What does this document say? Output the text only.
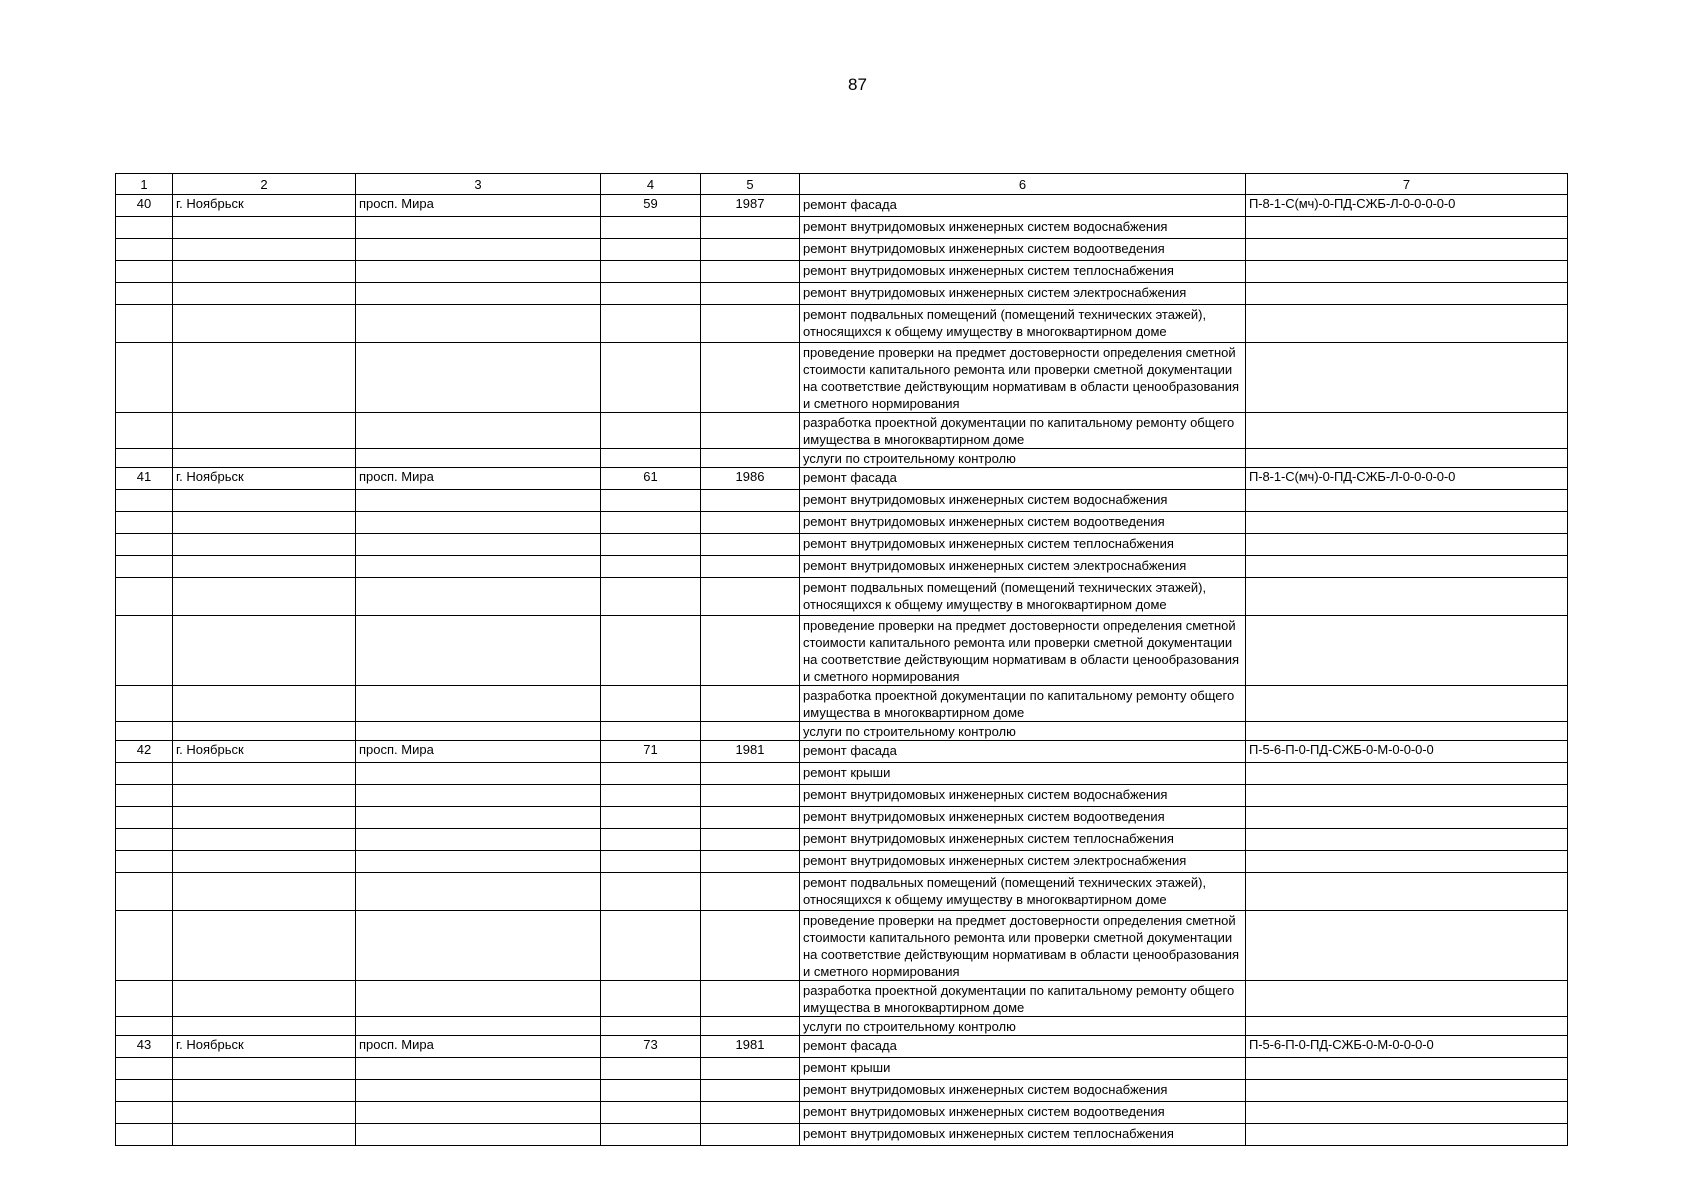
87
1	2	3	4	5	6	7
40	г. Ноябрьск	просп. Мира	59	1987	ремонт фасада	П-8-1-С(мч)-0-ПД-СЖБ-Л-0-0-0-0-0
					ремонт внутридомовых инженерных систем водоснабжения	
					ремонт внутридомовых инженерных систем водоотведения	
					ремонт внутридомовых инженерных систем теплоснабжения	
					ремонт внутридомовых инженерных систем электроснабжения	
					ремонт подвальных помещений (помещений технических этажей), относящихся к общему имуществу в многоквартирном доме	
					проведение проверки на предмет достоверности определения сметной стоимости капитального ремонта или проверки сметной документации на соответствие действующим нормативам в области ценообразования и сметного нормирования	
					разработка проектной документации по капитальному ремонту общего имущества в многоквартирном доме	
					услуги по строительному контролю	
41	г. Ноябрьск	просп. Мира	61	1986	ремонт фасада	П-8-1-С(мч)-0-ПД-СЖБ-Л-0-0-0-0-0
					ремонт внутридомовых инженерных систем водоснабжения	
					ремонт внутридомовых инженерных систем водоотведения	
					ремонт внутридомовых инженерных систем теплоснабжения	
					ремонт внутридомовых инженерных систем электроснабжения	
					ремонт подвальных помещений (помещений технических этажей), относящихся к общему имуществу в многоквартирном доме	
					проведение проверки на предмет достоверности определения сметной стоимости капитального ремонта или проверки сметной документации на соответствие действующим нормативам в области ценообразования и сметного нормирования	
					разработка проектной документации по капитальному ремонту общего имущества в многоквартирном доме	
					услуги по строительному контролю	
42	г. Ноябрьск	просп. Мира	71	1981	ремонт фасада	П-5-6-П-0-ПД-СЖБ-0-М-0-0-0-0
					ремонт крыши	
					ремонт внутридомовых инженерных систем водоснабжения	
					ремонт внутридомовых инженерных систем водоотведения	
					ремонт внутридомовых инженерных систем теплоснабжения	
					ремонт внутридомовых инженерных систем электроснабжения	
					ремонт подвальных помещений (помещений технических этажей), относящихся к общему имуществу в многоквартирном доме	
					проведение проверки на предмет достоверности определения сметной стоимости капитального ремонта или проверки сметной документации на соответствие действующим нормативам в области ценообразования и сметного нормирования	
					разработка проектной документации по капитальному ремонту общего имущества в многоквартирном доме	
					услуги по строительному контролю	
43	г. Ноябрьск	просп. Мира	73	1981	ремонт фасада	П-5-6-П-0-ПД-СЖБ-0-М-0-0-0-0
					ремонт крыши	
					ремонт внутридомовых инженерных систем водоснабжения	
					ремонт внутридомовых инженерных систем водоотведения	
					ремонт внутридомовых инженерных систем теплоснабжения	
